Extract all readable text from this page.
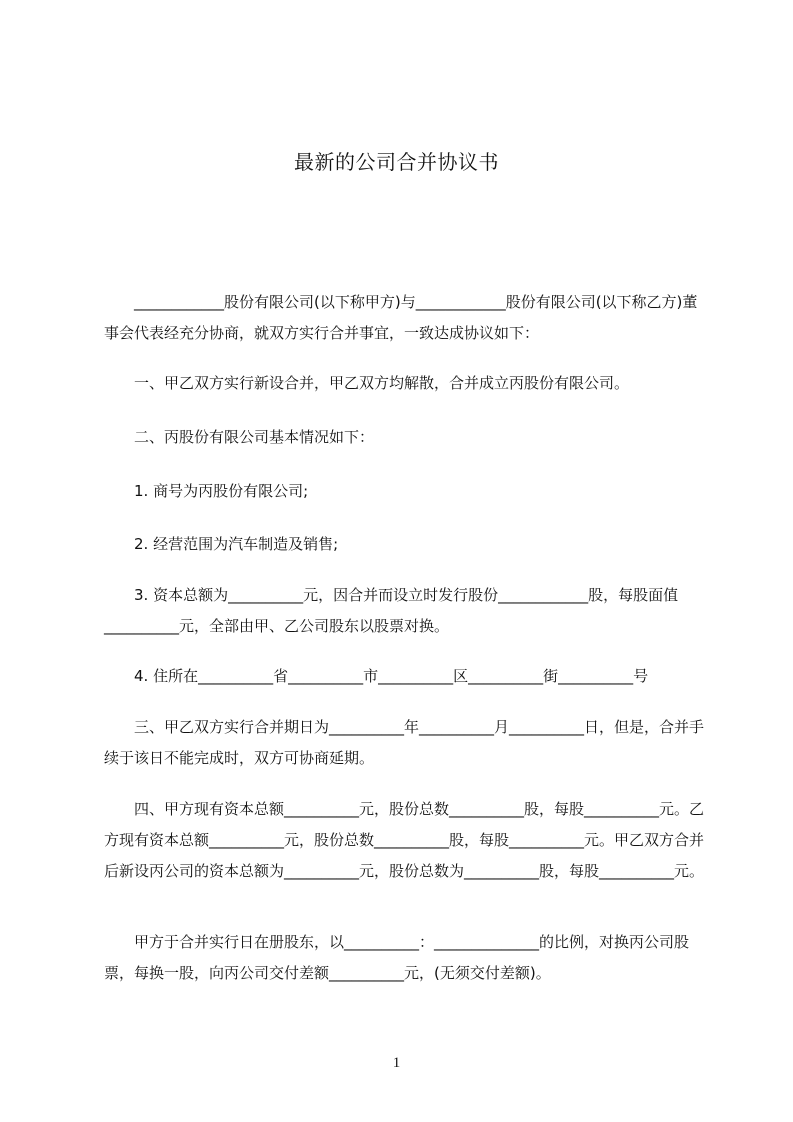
最新的公司合并协议书
____________股份有限公司(以下称甲方)与____________股份有限公司(以下称乙方)董事会代表经充分协商，就双方实行合并事宜，一致达成协议如下：
一、甲乙双方实行新设合并，甲乙双方均解散，合并成立丙股份有限公司。
二、丙股份有限公司基本情况如下：
1. 商号为丙股份有限公司;
2. 经营范围为汽车制造及销售;
3. 资本总额为__________元，因合并而设立时发行股份____________股，每股面值__________元，全部由甲、乙公司股东以股票对换。
4. 住所在__________省__________市__________区__________街__________号
三、甲乙双方实行合并期日为__________年__________月__________日，但是，合并手续于该日不能完成时，双方可协商延期。
四、甲方现有资本总额__________元，股份总数__________股，每股__________元。乙方现有资本总额__________元，股份总数__________股，每股__________元。甲乙双方合并后新设丙公司的资本总额为__________元，股份总数为__________股，每股__________元。
甲方于合并实行日在册股东，以__________：______________的比例，对换丙公司股票，每换一股，向丙公司交付差额__________元，(无须交付差额)。
1
